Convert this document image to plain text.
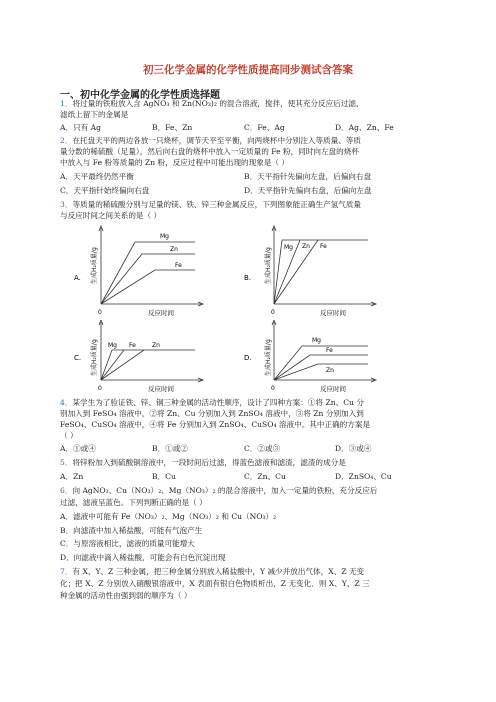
初三化学金属的化学性质提高同步测试含答案
一、初中化学金属的化学性质选择题
1．将过量的铁粉放入含 AgNO₃ 和 Zn(NO₃)₂ 的混合溶液，搅拌，使其充分反应后过滤，
滤纸上留下的金属是
A．只有 Ag	B．Fe、Zn	C．Fe、Ag	D．Ag、Zn、Fe
2．在托盘天平的两边各放一只烧杯，调节天平至平衡，向两烧杯中分别注入等质量、等质
量分数的稀硫酸（足量），然后向右盘的烧杯中放入一定质量的 Fe 粉，同时向左盘的烧杯
中放入与 Fe 粉等质量的 Zn 粉，反应过程中可能出现的现象是（ ）
A．天平最终仍然平衡	B．天平指针先偏向左盘，后偏向右盘
C．天平指针始终偏向右盘	D．天平指针先偏向右盘，后偏向左盘
3．等质量的稀硫酸分别与足量的镁、铁、锌三种金属反应，下列图象能正确生产氢气质量
与反应时间之间关系的是（ ）
A. 生成H₂质量/g
Mg
Zn
Fe
0	反应时间
B. 生成H₂质量/g Mg Zn Fe
0	反应时间
C. 生成H₂质量/g Mg Fe	Zn
0	反应时间
D. 生成H₂质量/g	Mg
Fe
Zn
0	反应时间
4．某学生为了验证铁、锌、铜三种金属的活动性顺序，设计了四种方案：①将 Zn、Cu 分
别加入到 FeSO₄ 溶液中，②将 Zn、Cu 分别加入到 ZnSO₄ 溶液中，③将 Zn 分别加入到
FeSO₄、CuSO₄ 溶液中，④将 Fe 分别加入到 ZnSO₄、CuSO₄ 溶液中。其中正确的方案是
（ ）
A．①或④	B．①或②	C．②或③	D．③或④
5．将锌粉加入到硫酸铜溶液中，一段时间后过滤，得蓝色滤液和滤渣，滤渣的成分是
A．Zn	B．Cu	C．Zn、Cu	D．ZnSO₄、Cu
6．向 AgNO₃、Cu（NO₃）₂、Mg（NO₃）₂ 的混合溶液中，加入一定量的铁粉，充分反应后
过滤，滤液呈蓝色。下列判断正确的是（ ）
A．滤液中可能有 Fe（NO₃）₂、Mg（NO₃）₂ 和 Cu（NO₃）₂
B．向滤渣中加入稀盐酸，可能有气泡产生
C．与原溶液相比，滤液的质量可能增大
D．向滤液中滴入稀盐酸，可能会有白色沉淀出现
7．有 X、Y、Z 三种金属，把三种金属分别放入稀盐酸中，Y 减少并放出气体，X、Z 无变
化；把 X、Z 分别放入硝酸银溶液中，X 表面有银白色物质析出，Z 无变化．则 X、Y、Z 三
种金属的活动性由强到弱的顺序为（ ）
